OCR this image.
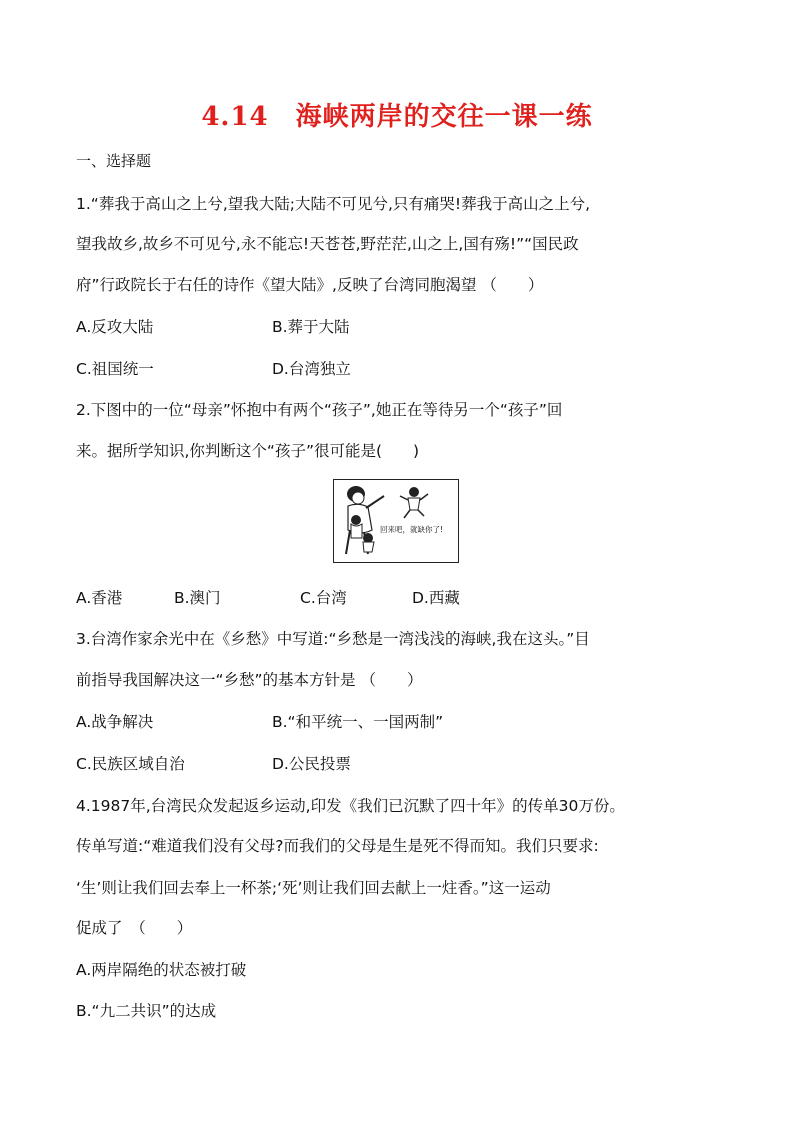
4.14　海峡两岸的交往一课一练
一、选择题
1.“葬我于高山之上兮,望我大陆;大陆不可见兮,只有痛哭!葬我于高山之上兮,
望我故乡,故乡不可见兮,永不能忘!天苍苍,野茫茫,山之上,国有殇!”“国民政
府”行政院长于右任的诗作《望大陆》,反映了台湾同胞渴望 （　　）
A.反攻大陆	B.葬于大陆
C.祖国统一	D.台湾独立
2.下图中的一位“母亲”怀抱中有两个“孩子”,她正在等待另一个“孩子”回
来。据所学知识,你判断这个“孩子”很可能是(　　)
回来吧，就缺你了!
A.香港	B.澳门	C.台湾	D.西藏
3.台湾作家余光中在《乡愁》中写道:“乡愁是一湾浅浅的海峡,我在这头。”目
前指导我国解决这一“乡愁”的基本方针是 （　　）
A.战争解决	B.“和平统一、一国两制”
C.民族区域自治	D.公民投票
4.1987年,台湾民众发起返乡运动,印发《我们已沉默了四十年》的传单30万份。
传单写道:“难道我们没有父母?而我们的父母是生是死不得而知。我们只要求:
‘生’则让我们回去奉上一杯茶;‘死’则让我们回去献上一炷香。”这一运动
促成了　（　　）
A.两岸隔绝的状态被打破
B.“九二共识”的达成
